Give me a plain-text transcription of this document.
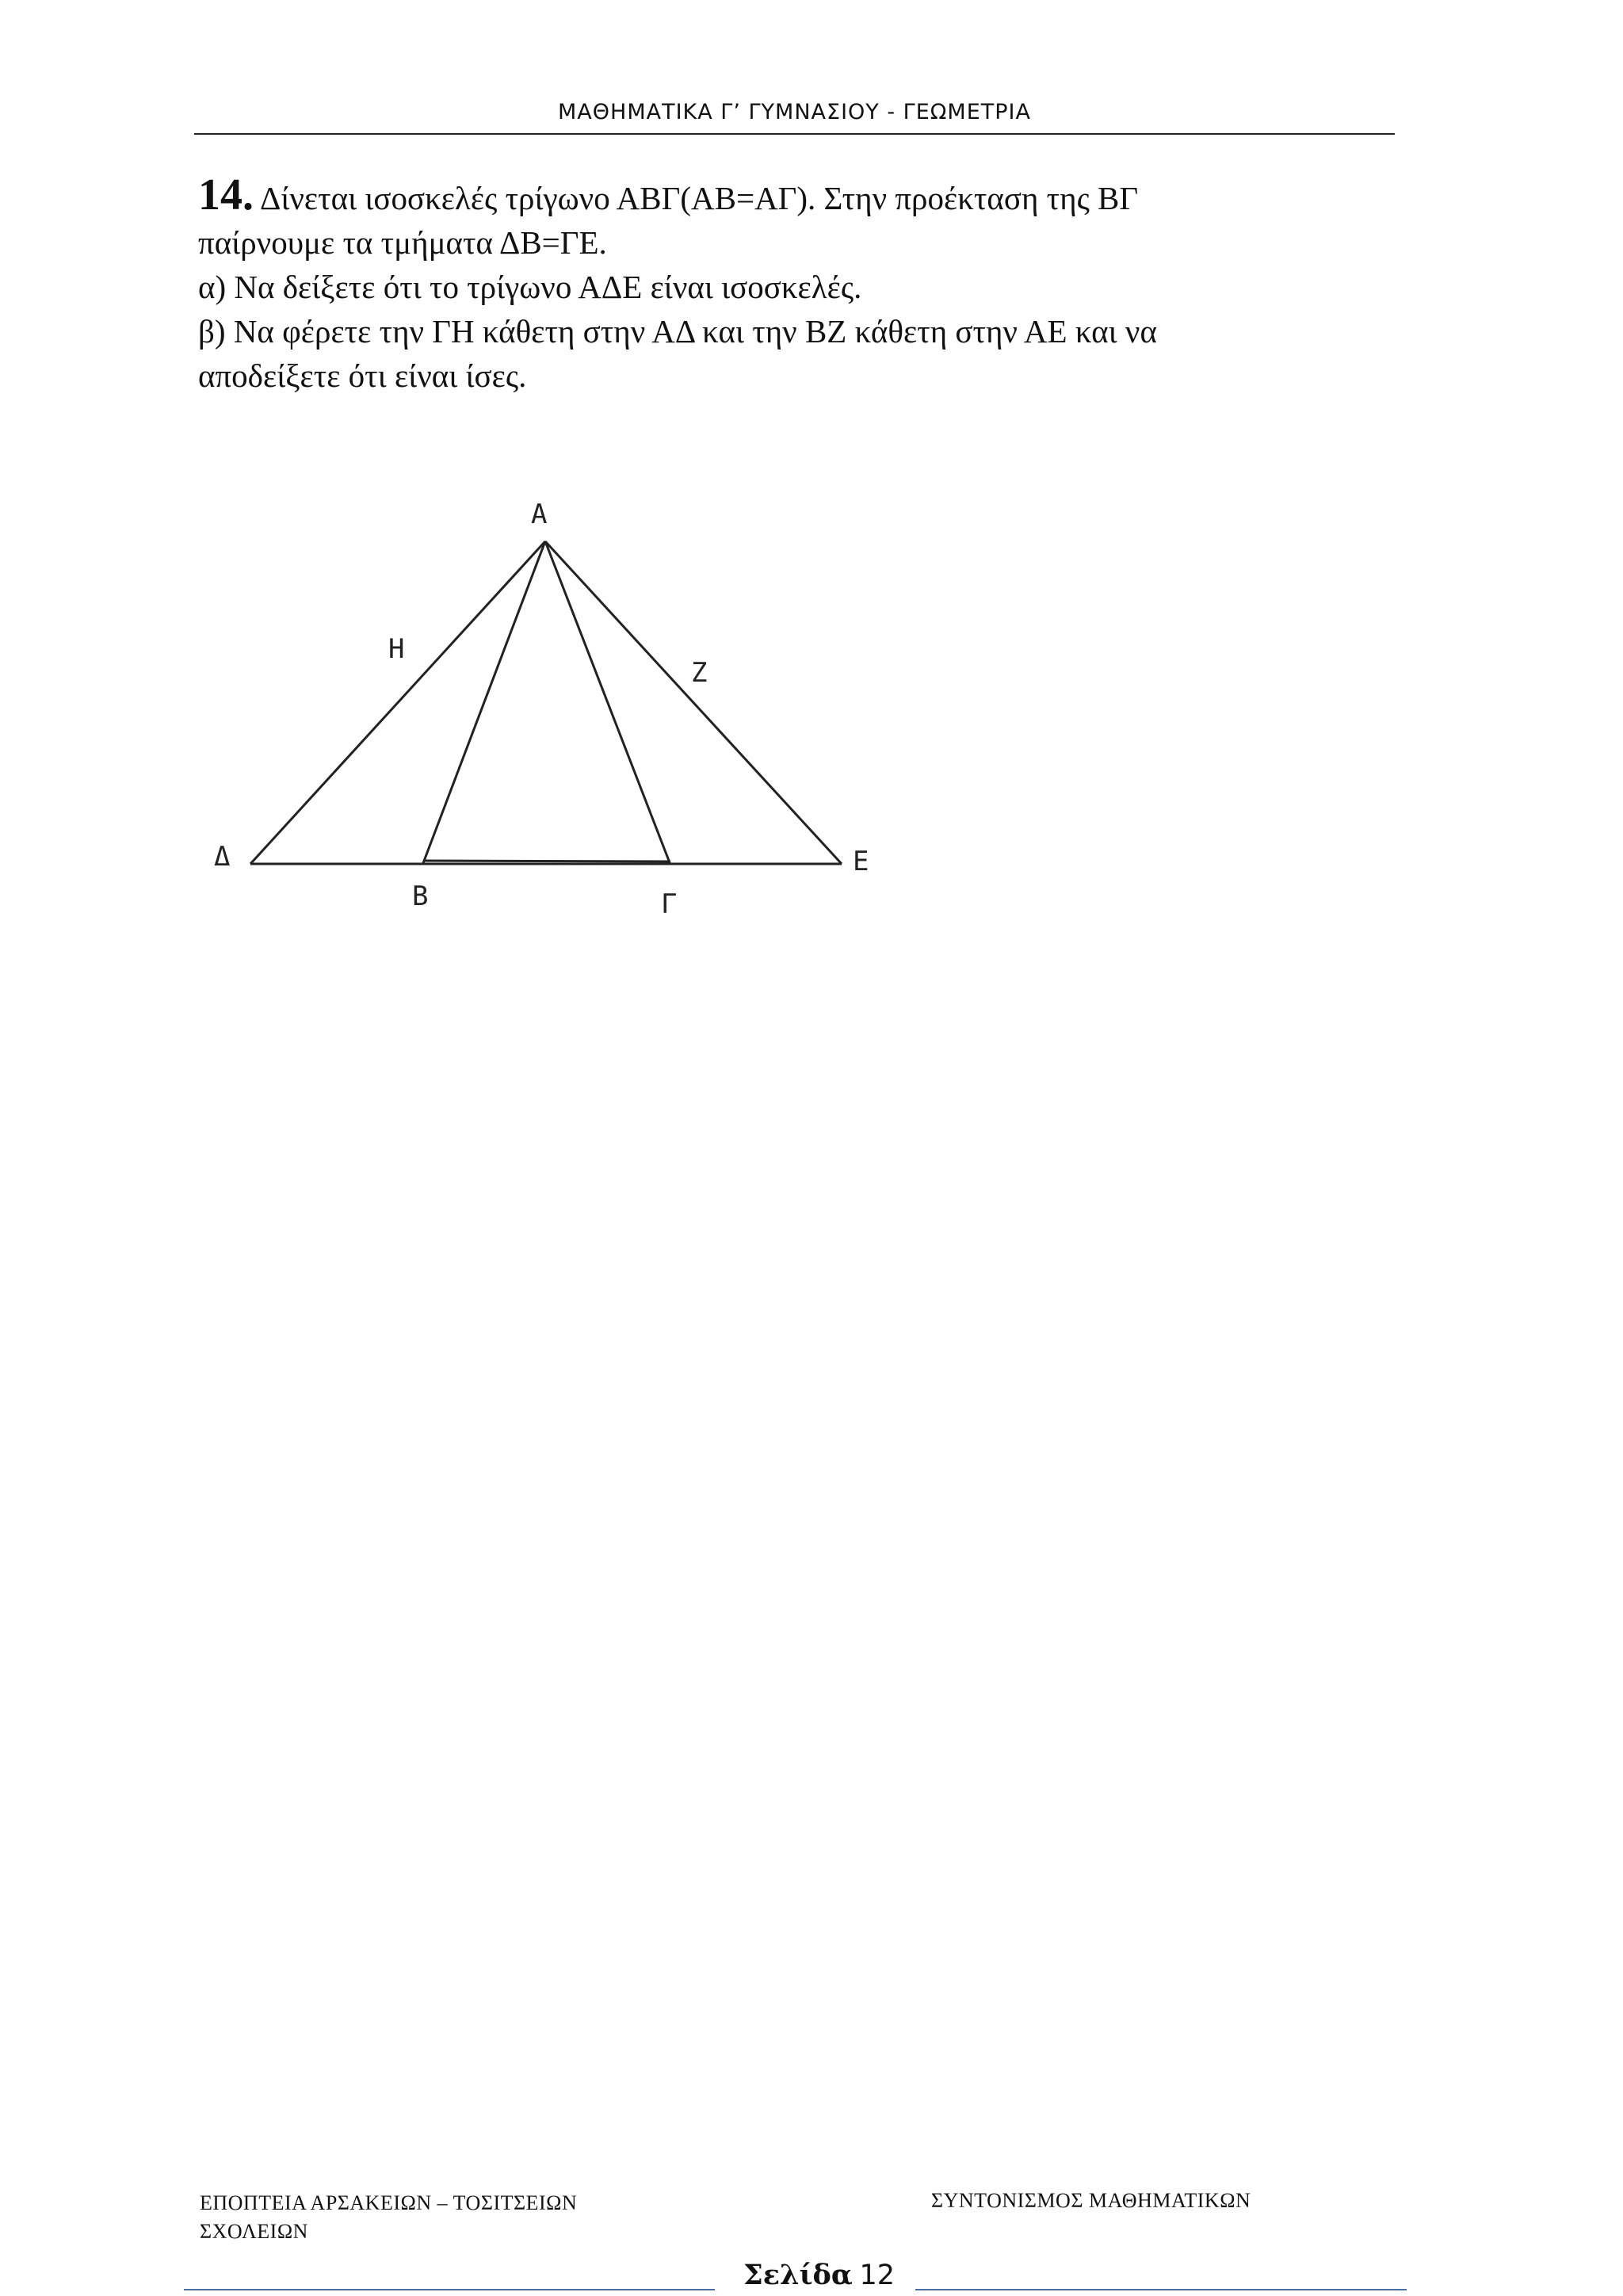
ΜΑΘΗΜΑΤΙΚΑ Γ’ ΓΥΜΝΑΣΙΟΥ - ΓΕΩΜΕΤΡΙΑ

14. Δίνεται ισοσκελές τρίγωνο ΑΒΓ(ΑΒ=ΑΓ). Στην προέκταση της ΒΓ

παίρνουμε τα τμήματα ΔΒ=ΓΕ.

α) Να δείξετε ότι το τρίγωνο ΑΔΕ είναι ισοσκελές.

β) Να φέρετε την ΓΗ κάθετη στην ΑΔ και την ΒΖ κάθετη στην ΑΕ και να

αποδείξετε ότι είναι ίσες.

Α
Η
Ζ
Δ	Ε
Β	Γ
ΕΠΟΠΤΕΙΑ ΑΡΣΑΚΕΙΩΝ – ΤΟΣΙΤΣΕΙΩΝ
ΣΧΟΛΕΙΩΝ
ΣΥΝΤΟΝΙΣΜΟΣ ΜΑΘΗΜΑΤΙΚΩΝ
Σελίδα 12
